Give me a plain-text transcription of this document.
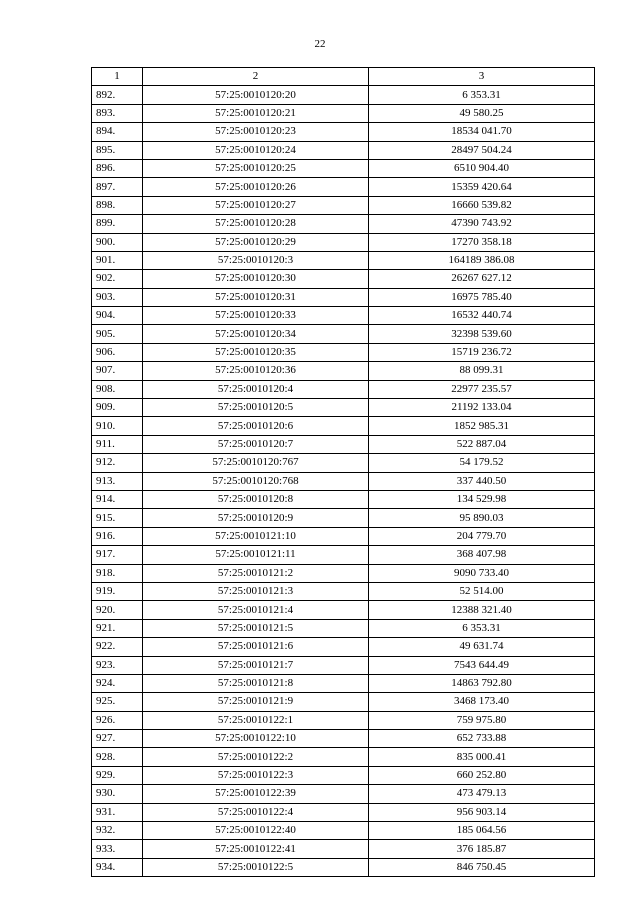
22
1	2	3
892.	57:25:0010120:20	6 353.31
893.	57:25:0010120:21	49 580.25
894.	57:25:0010120:23	18534 041.70
895.	57:25:0010120:24	28497 504.24
896.	57:25:0010120:25	6510 904.40
897.	57:25:0010120:26	15359 420.64
898.	57:25:0010120:27	16660 539.82
899.	57:25:0010120:28	47390 743.92
900.	57:25:0010120:29	17270 358.18
901.	57:25:0010120:3	164189 386.08
902.	57:25:0010120:30	26267 627.12
903.	57:25:0010120:31	16975 785.40
904.	57:25:0010120:33	16532 440.74
905.	57:25:0010120:34	32398 539.60
906.	57:25:0010120:35	15719 236.72
907.	57:25:0010120:36	88 099.31
908.	57:25:0010120:4	22977 235.57
909.	57:25:0010120:5	21192 133.04
910.	57:25:0010120:6	1852 985.31
911.	57:25:0010120:7	522 887.04
912.	57:25:0010120:767	54 179.52
913.	57:25:0010120:768	337 440.50
914.	57:25:0010120:8	134 529.98
915.	57:25:0010120:9	95 890.03
916.	57:25:0010121:10	204 779.70
917.	57:25:0010121:11	368 407.98
918.	57:25:0010121:2	9090 733.40
919.	57:25:0010121:3	52 514.00
920.	57:25:0010121:4	12388 321.40
921.	57:25:0010121:5	6 353.31
922.	57:25:0010121:6	49 631.74
923.	57:25:0010121:7	7543 644.49
924.	57:25:0010121:8	14863 792.80
925.	57:25:0010121:9	3468 173.40
926.	57:25:0010122:1	759 975.80
927.	57:25:0010122:10	652 733.88
928.	57:25:0010122:2	835 000.41
929.	57:25:0010122:3	660 252.80
930.	57:25:0010122:39	473 479.13
931.	57:25:0010122:4	956 903.14
932.	57:25:0010122:40	185 064.56
933.	57:25:0010122:41	376 185.87
934.	57:25:0010122:5	846 750.45
